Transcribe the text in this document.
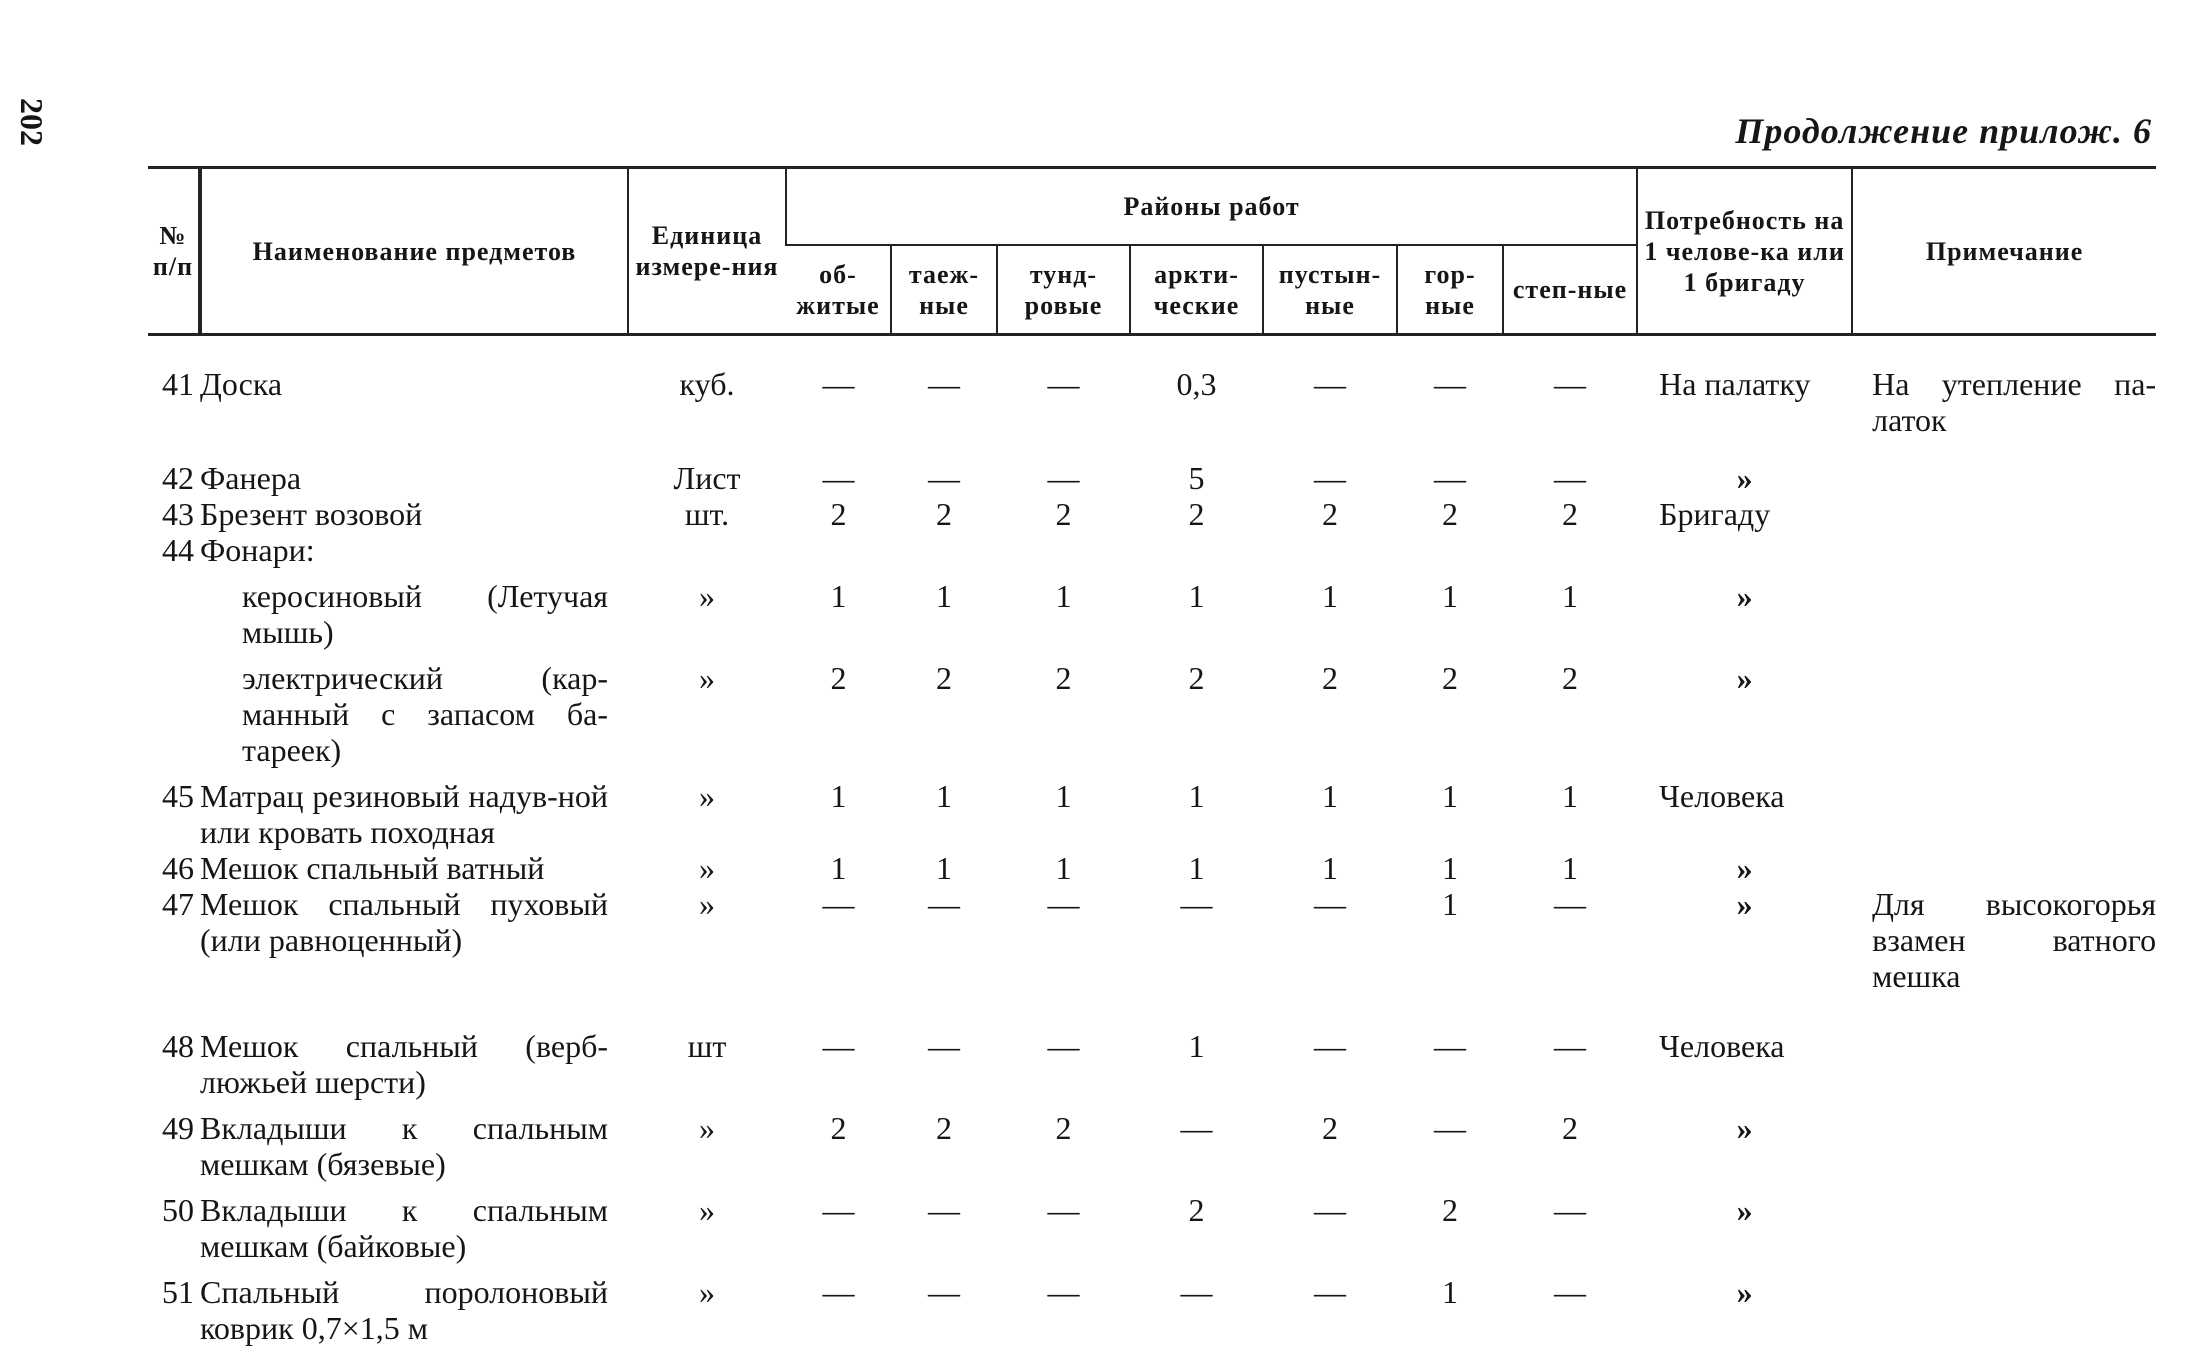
202	Продолжение прилож. 6
№ п/п	Наименование предметов	Единица измере-ния	Районы работ							Потребность на 1 челове-ка или 1 бригаду	Примечание
			об-житые	таеж-ные	тунд-ровые	аркти-ческие	пустын-ные	гор-ные	степ-ные		

41	Доска	куб.	—	—	—	0,3	—	—	—	На палатку	На утепление па-латок
42	Фанера	Лист	—	—	—	5	—	—	—	»	
43	Брезент возовой	шт.	2	2	2	2	2	2	2	Бригаду	
44	Фонари:										
	керосиновый (Летучая мышь)	»	1	1	1	1	1	1	1	»	
	электрический (кар-манный с запасом ба-тареек)	»	2	2	2	2	2	2	2	»	
45	Матрац резиновый надув-ной или кровать походная	»	1	1	1	1	1	1	1	Человека	
46	Мешок спальный ватный	»	1	1	1	1	1	1	1	»	
47	Мешок спальный пуховый (или равноценный)	»	—	—	—	—	—	1	—	»	Для высокогорья взамен ватного мешка
48	Мешок спальный (верб-люжьей шерсти)	шт	—	—	—	1	—	—	—	Человека	
49	Вкладыши к спальным мешкам (бязевые)	»	2	2	2	—	2	—	2	»	
50	Вкладыши к спальным мешкам (байковые)	»	—	—	—	2	—	2	—	»	
51	Спальный поролоновый коврик 0,7×1,5 м	»	—	—	—	—	—	1	—	»	
